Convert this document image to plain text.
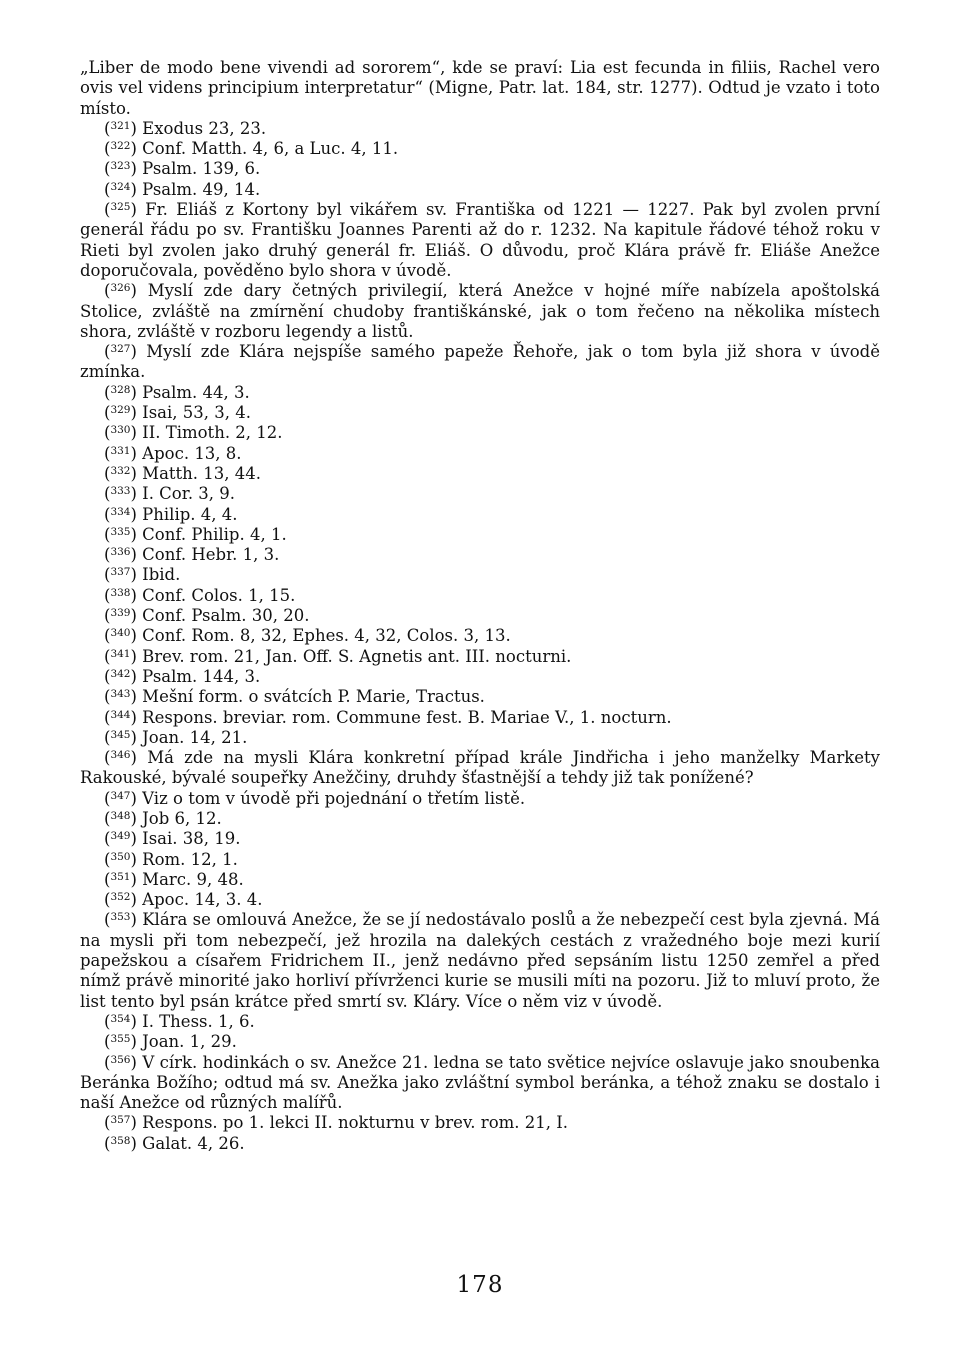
„Liber de modo bene vivendi ad sororem“, kde se praví: Lia est fecunda in filiis, Rachel vero ovis vel videns principium interpretatur“ (Migne, Patr. lat. 184, str. 1277). Odtud je vzato i toto místo.

($^{321}$) Exodus 23, 23.

($^{322}$) Conf. Matth. 4, 6, a Luc. 4, 11.

($^{323}$) Psalm. 139, 6.

($^{324}$) Psalm. 49, 14.

($^{325}$) Fr. Eliáš z Kortony byl vikářem sv. Františka od 1221 — 1227. Pak byl zvolen první generál řádu po sv. Františku Joannes Parenti až do r. 1232. Na kapitule řádové téhož roku v Rieti byl zvolen jako druhý generál fr. Eliáš. O důvodu, proč Klára právě fr. Eliáše Anežce doporučovala, pověděno bylo shora v úvodě.

($^{326}$) Myslí zde dary četných privilegií, která Anežce v hojné míře nabízela apoštolská Stolice, zvláště na zmírnění chudoby františkánské, jak o tom řečeno na několika místech shora, zvláště v rozboru legendy a listů.

($^{327}$) Myslí zde Klára nejspíše samého papeže Řehoře, jak o tom byla již shora v úvodě zmínka.

($^{328}$) Psalm. 44, 3.

($^{329}$) Isai, 53, 3, 4.

($^{330}$) II. Timoth. 2, 12.

($^{331}$) Apoc. 13, 8.

($^{332}$) Matth. 13, 44.

($^{333}$) I. Cor. 3, 9.

($^{334}$) Philip. 4, 4.

($^{335}$) Conf. Philip. 4, 1.

($^{336}$) Conf. Hebr. 1, 3.

($^{337}$) Ibid.

($^{338}$) Conf. Colos. 1, 15.

($^{339}$) Conf. Psalm. 30, 20.

($^{340}$) Conf. Rom. 8, 32, Ephes. 4, 32, Colos. 3, 13.

($^{341}$) Brev. rom. 21, Jan. Off. S. Agnetis ant. III. nocturni.

($^{342}$) Psalm. 144, 3.

($^{343}$) Mešní form. o svátcích P. Marie, Tractus.

($^{344}$) Respons. breviar. rom. Commune fest. B. Mariae V., 1. nocturn.

($^{345}$) Joan. 14, 21.

($^{346}$) Má zde na mysli Klára konkretní případ krále Jindřicha i jeho manželky Markety Rakouské, bývalé soupeřky Anežčiny, druhdy šťastnější a tehdy již tak ponížené?

($^{347}$) Viz o tom v úvodě při pojednání o třetím listě.

($^{348}$) Job 6, 12.

($^{349}$) Isai. 38, 19.

($^{350}$) Rom. 12, 1.

($^{351}$) Marc. 9, 48.

($^{352}$) Apoc. 14, 3. 4.

($^{353}$) Klára se omlouvá Anežce, že se jí nedostávalo poslů a že nebezpečí cest byla zjevná. Má na mysli při tom nebezpečí, jež hrozila na dalekých cestách z vražedného boje mezi kurií papežskou a císařem Fridrichem II., jenž nedávno před sepsáním listu 1250 zemřel a před nímž právě minorité jako horliví přívrženci kurie se musili míti na pozoru. Již to mluví proto, že list tento byl psán krátce před smrtí sv. Kláry. Více o něm viz v úvodě.

($^{354}$) I. Thess. 1, 6.

($^{355}$) Joan. 1, 29.

($^{356}$) V círk. hodinkách o sv. Anežce 21. ledna se tato světice nejvíce oslavuje jako snoubenka Beránka Božího; odtud má sv. Anežka jako zvláštní symbol beránka, a téhož znaku se dostalo i naší Anežce od různých malířů.

($^{357}$) Respons. po 1. lekci II. nokturnu v brev. rom. 21, I.

($^{358}$) Galat. 4, 26.

178
